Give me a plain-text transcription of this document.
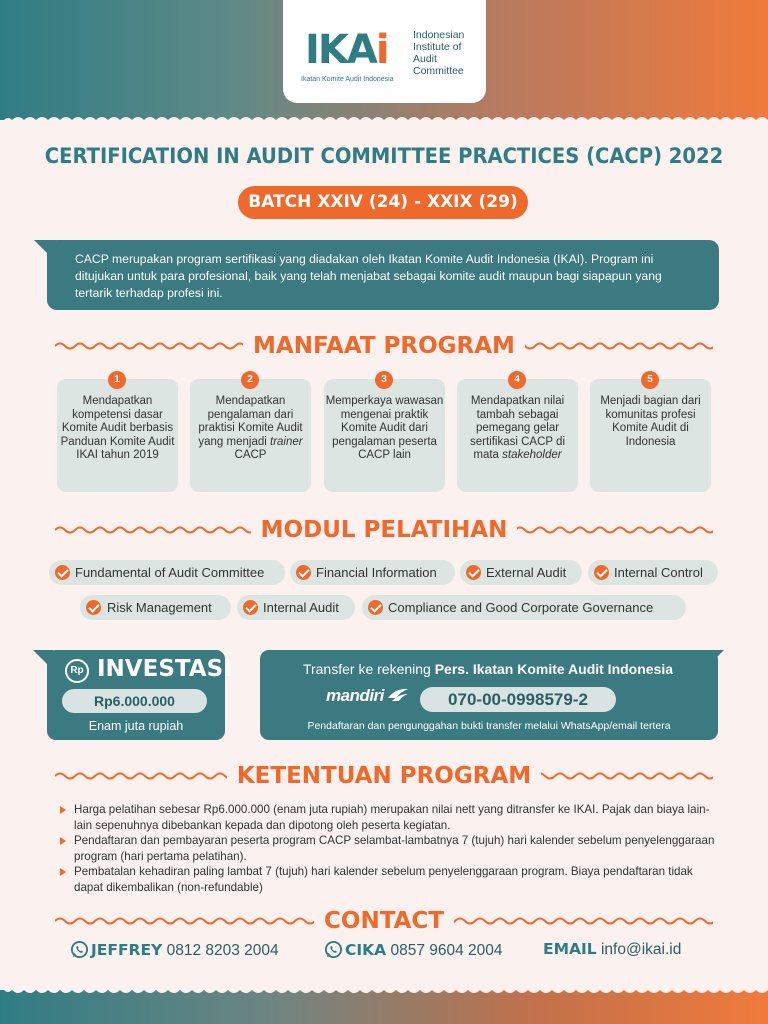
IKAi
Ikatan Komite Audit Indonesia
Indonesian Institute of Audit Committee
CERTIFICATION IN AUDIT COMMITTEE PRACTICES (CACP) 2022
BATCH XXIV (24) - XXIX (29)
CACP merupakan program sertifikasi yang diadakan oleh Ikatan Komite Audit Indonesia (IKAI). Program ini ditujukan untuk para profesional, baik yang telah menjabat sebagai komite audit maupun bagi siapapun yang tertarik terhadap profesi ini.
MANFAAT PROGRAM
1
Mendapatkan kompetensi dasar Komite Audit berbasis Panduan Komite Audit IKAI tahun 2019
2
Mendapatkan pengalaman dari praktisi Komite Audit yang menjadi trainer CACP
3
Memperkaya wawasan mengenai praktik Komite Audit dari pengalaman peserta CACP lain
4
Mendapatkan nilai tambah sebagai pemegang gelar sertifikasi CACP di mata stakeholder
5
Menjadi bagian dari komunitas profesi Komite Audit di Indonesia
MODUL PELATIHAN
Fundamental of Audit Committee	Financial Information	External Audit	Internal Control
Risk Management	Internal Audit	Compliance and Good Corporate Governance
Rp INVESTASI
Rp6.000.000
Enam juta rupiah
Transfer ke rekening Pers. Ikatan Komite Audit Indonesia
mandiri	070-00-0998579-2
Pendaftaran dan pengunggahan bukti transfer melalui WhatsApp/email tertera
KETENTUAN PROGRAM
Harga pelatihan sebesar Rp6.000.000 (enam juta rupiah) merupakan nilai nett yang ditransfer ke IKAI. Pajak dan biaya lain-lain sepenuhnya dibebankan kepada dan dipotong oleh peserta kegiatan.
Pendaftaran dan pembayaran peserta program CACP selambat-lambatnya 7 (tujuh) hari kalender sebelum penyelenggaraan program (hari pertama pelatihan).
Pembatalan kehadiran paling lambat 7 (tujuh) hari kalender sebelum penyelenggaraan program. Biaya pendaftaran tidak dapat dikembalikan (non-refundable)
CONTACT
JEFFREY 0812 8203 2004	CIKA 0857 9604 2004	EMAIL info@ikai.id
